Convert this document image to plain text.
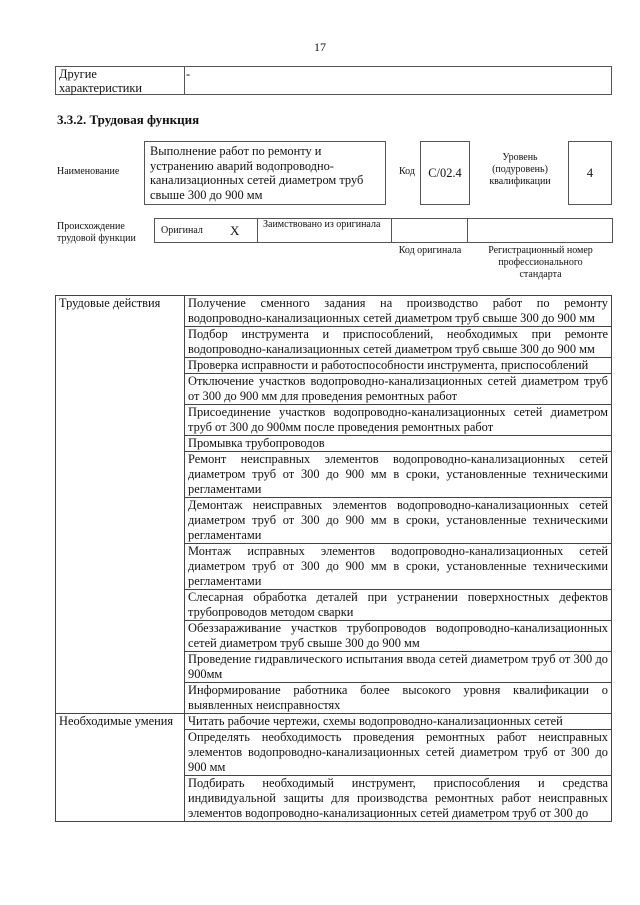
17
Другие характеристики
-
3.3.2. Трудовая функция
Наименование
Выполнение работ по ремонту и устранению аварий водопроводно-канализационных сетей диаметром труб свыше 300 до 900 мм
Код	C/02.4
Уровень (подуровень) квалификации
4
Происхождение трудовой функции
Оригинал X Заимствовано из оригинала
Код оригинала	Регистрационный номер профессионального стандарта
Трудовые действия	Получение сменного задания на производство работ по ремонту водопроводно-канализационных сетей диаметром труб свыше 300 до 900 мм
	Подбор инструмента и приспособлений, необходимых при ремонте водопроводно-канализационных сетей диаметром труб свыше 300 до 900 мм
	Проверка исправности и работоспособности инструмента, приспособлений
	Отключение участков водопроводно-канализационных сетей диаметром труб от 300 до 900 мм для проведения ремонтных работ
	Присоединение участков водопроводно-канализационных сетей диаметром труб от 300 до 900мм после проведения ремонтных работ
	Промывка трубопроводов
	Ремонт неисправных элементов водопроводно-канализационных сетей диаметром труб от 300 до 900 мм в сроки, установленные техническими регламентами
	Демонтаж неисправных элементов водопроводно-канализационных сетей диаметром труб от 300 до 900 мм в сроки, установленные техническими регламентами
	Монтаж исправных элементов водопроводно-канализационных сетей диаметром труб от 300 до 900 мм в сроки, установленные техническими регламентами
	Слесарная обработка деталей при устранении поверхностных дефектов трубопроводов методом сварки
	Обеззараживание участков трубопроводов водопроводно-канализационных сетей диаметром труб свыше 300 до 900 мм
	Проведение гидравлического испытания ввода сетей диаметром труб от 300 до 900мм
	Информирование работника более высокого уровня квалификации о выявленных неисправностях
Необходимые умения	Читать рабочие чертежи, схемы водопроводно-канализационных сетей
	Определять необходимость проведения ремонтных работ неисправных элементов водопроводно-канализационных сетей диаметром труб от 300 до 900 мм
	Подбирать необходимый инструмент, приспособления и средства индивидуальной защиты для производства ремонтных работ неисправных элементов водопроводно-канализационных сетей диаметром труб от 300 до
